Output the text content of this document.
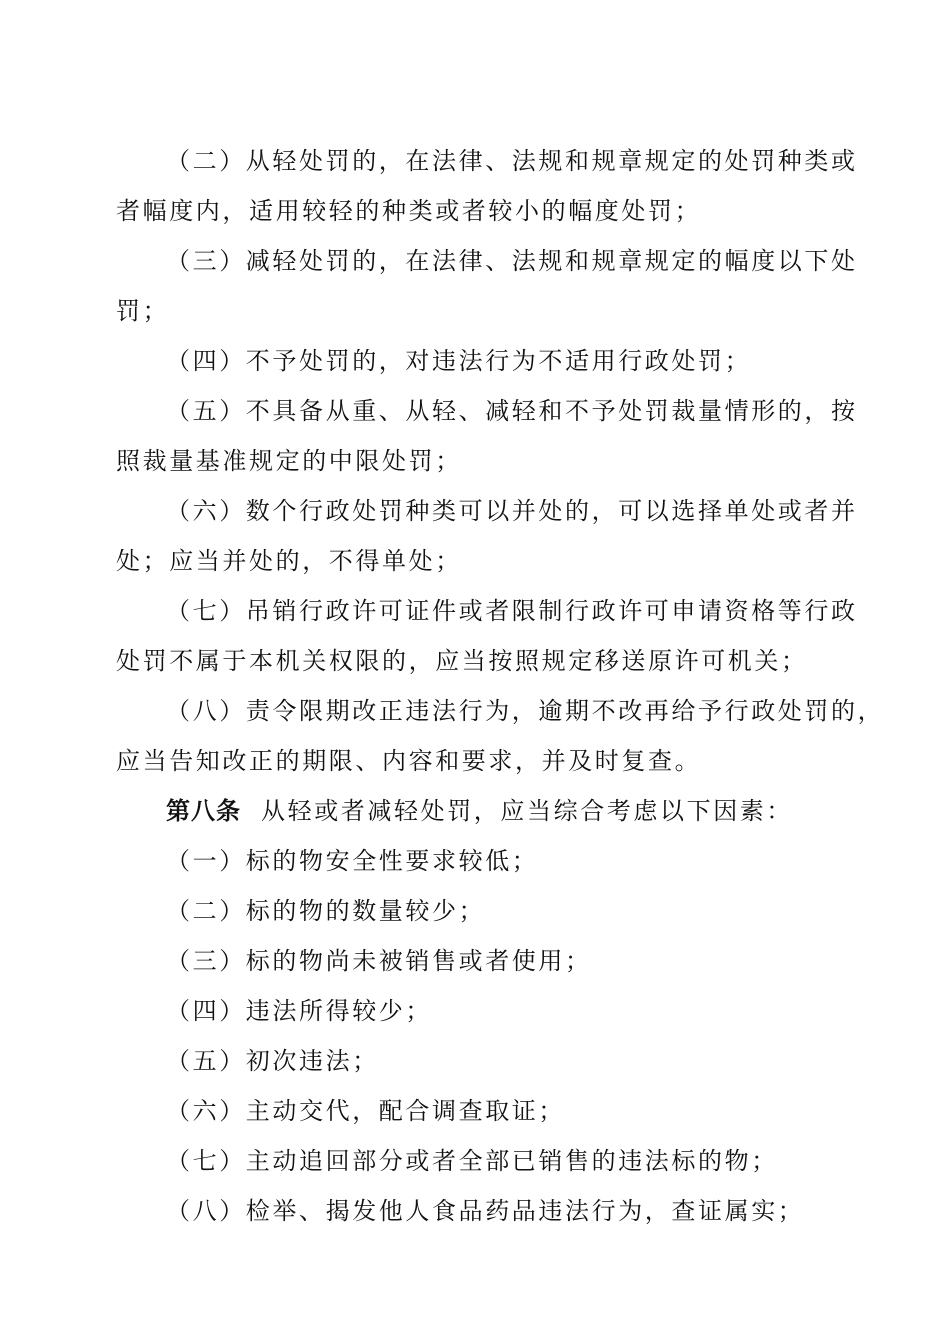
（二）从轻处罚的，在法律、法规和规章规定的处罚种类或
者幅度内，适用较轻的种类或者较小的幅度处罚；
（三）减轻处罚的，在法律、法规和规章规定的幅度以下处
罚；
（四）不予处罚的，对违法行为不适用行政处罚；
（五）不具备从重、从轻、减轻和不予处罚裁量情形的，按
照裁量基准规定的中限处罚；
（六）数个行政处罚种类可以并处的，可以选择单处或者并
处；应当并处的，不得单处；
（七）吊销行政许可证件或者限制行政许可申请资格等行政
处罚不属于本机关权限的，应当按照规定移送原许可机关；
（八）责令限期改正违法行为，逾期不改再给予行政处罚的，
应当告知改正的期限、内容和要求，并及时复查。
第八条 从轻或者减轻处罚，应当综合考虑以下因素：
（一）标的物安全性要求较低；
（二）标的物的数量较少；
（三）标的物尚未被销售或者使用；
（四）违法所得较少；
（五）初次违法；
（六）主动交代，配合调查取证；
（七）主动追回部分或者全部已销售的违法标的物；
（八）检举、揭发他人食品药品违法行为，查证属实；
